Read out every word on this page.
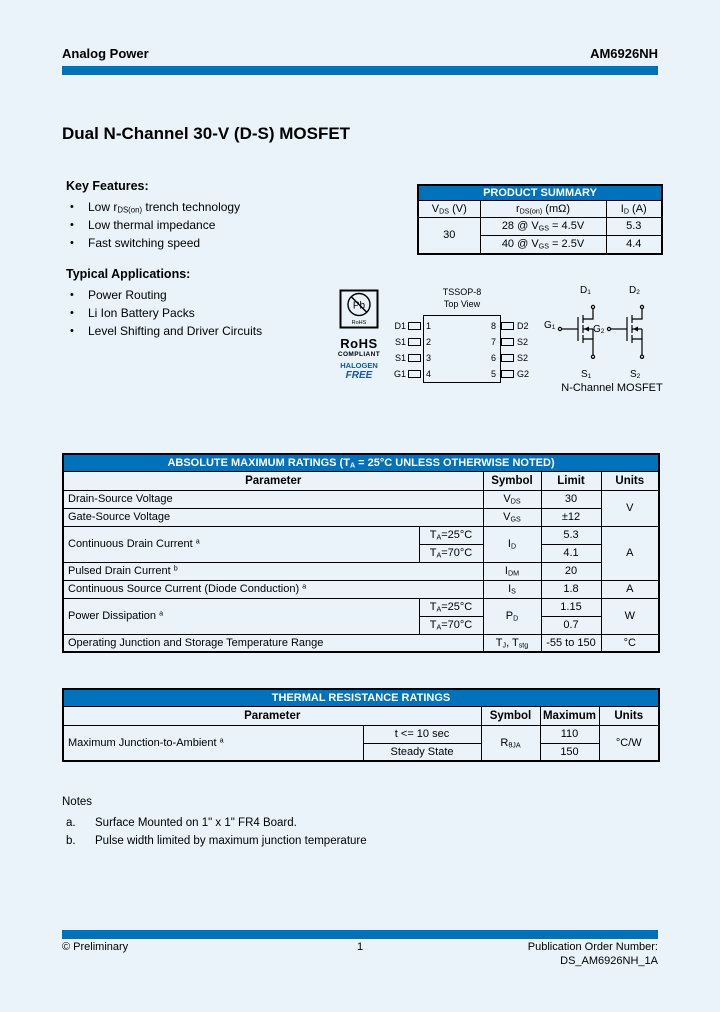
Analog Power	AM6926NH
Dual N-Channel 30-V (D-S) MOSFET
Key Features:
• Low $r_{DS(on)}$ trench technology
• Low thermal impedance
• Fast switching speed
Typical Applications:
• Power Routing
• Li Ion Battery Packs
• Level Shifting and Driver Circuits
PRODUCT SUMMARY		
$V_{DS}$ (V)	$r_{DS(on)}$ (mΩ)	$I_D$ (A)
30	28 @ $V_{GS} = 4.5V$	5.3
	40 @ $V_{GS} = 2.5V$	4.4
Pb
RoHS
RoHS
COMPLIANT
HALOGEN
FREE
TSSOP-8
Top View
D1	1
S1	2
S1	3
G1	4
8	D2
7	S2
6	S2
5	G2
$D_1$	$D_2$
$G_1$	$G_2$
$S_1$	$S_2$
N-Channel MOSFET
ABSOLUTE MAXIMUM RATINGS ($T_A = 25^\circ C$ UNLESS OTHERWISE NOTED)				
Parameter		Symbol	Limit	Units
Drain-Source Voltage		$V_{DS}$	30	V
Gate-Source Voltage		$V_{GS}$	±12	
Continuous Drain Current $^a$	$T_A=25^\circ C$	$I_D$	5.3	A
	$T_A=70^\circ C$		4.1	
Pulsed Drain Current $^b$		$I_{DM}$	20	
Continuous Source Current (Diode Conduction) $^a$		$I_S$	1.8	A
Power Dissipation $^a$	$T_A=25^\circ C$	$P_D$	1.15	W
	$T_A=70^\circ C$		0.7	
Operating Junction and Storage Temperature Range		$T_J$, $T_{stg}$	-55 to 150	°C
THERMAL RESISTANCE RATINGS				
Parameter		Symbol	Maximum	Units
Maximum Junction-to-Ambient $^a$	t <= 10 sec	$R_{\theta JA}$	110	°C/W
	Steady State		150	
Notes
a.	Surface Mounted on 1" x 1" FR4 Board.
b.	Pulse width limited by maximum junction temperature
© Preliminary	1	Publication Order Number:
DS_AM6926NH_1A
